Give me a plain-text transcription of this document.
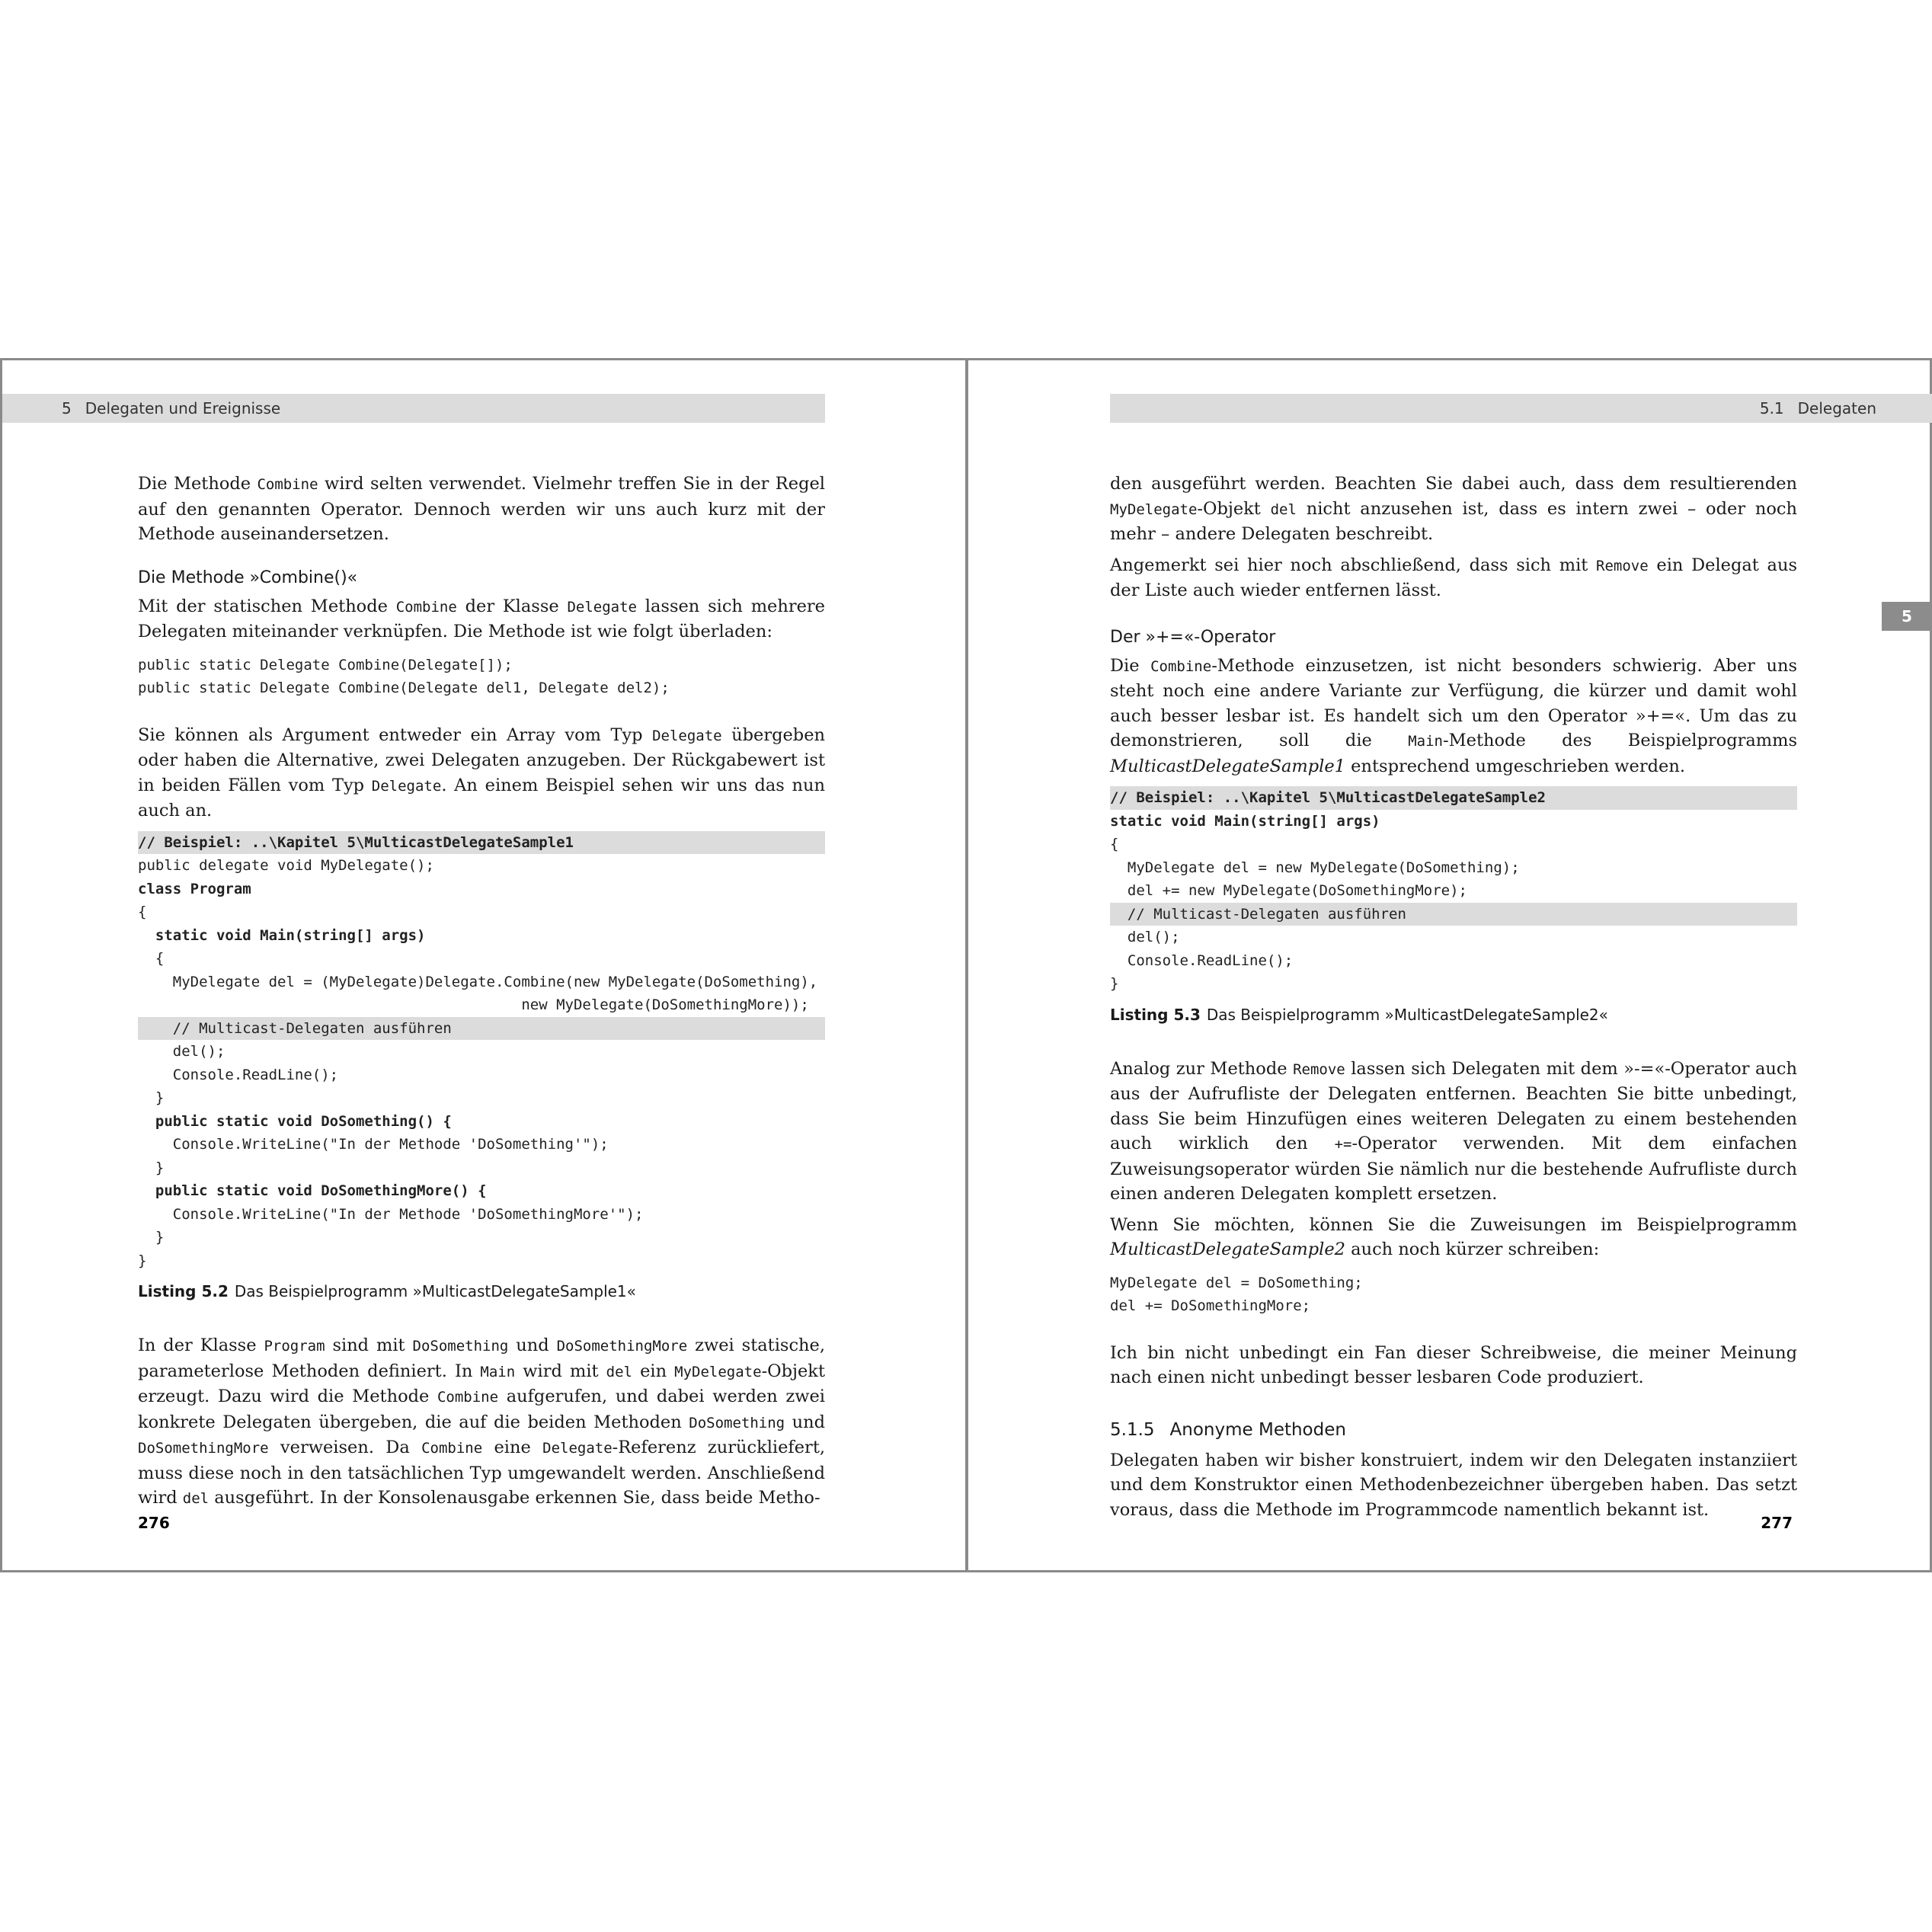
5 Delegaten und Ereignisse

Die Methode Combine wird selten verwendet. Vielmehr treffen Sie in der Regel auf den genannten Operator. Dennoch werden wir uns auch kurz mit der Methode auseinandersetzen.

Die Methode »Combine()«

Mit der statischen Methode Combine der Klasse Delegate lassen sich mehrere Delegaten miteinander verknüpfen. Die Methode ist wie folgt überladen:

public static Delegate Combine(Delegate[]);
public static Delegate Combine(Delegate del1, Delegate del2);

Sie können als Argument entweder ein Array vom Typ Delegate übergeben oder haben die Alternative, zwei Delegaten anzugeben. Der Rückgabewert ist in beiden Fällen vom Typ Delegate. An einem Beispiel sehen wir uns das nun auch an.

// Beispiel: ..\Kapitel 5\MulticastDelegateSample1
public delegate void MyDelegate();
class Program
{
static void Main(string[] args)
{
MyDelegate del = (MyDelegate)Delegate.Combine(new MyDelegate(DoSomething),
new MyDelegate(DoSomethingMore));
// Multicast-Delegaten ausführen
del();
Console.ReadLine();
}
public static void DoSomething() {
Console.WriteLine("In der Methode 'DoSomething'");
}
public static void DoSomethingMore() {
Console.WriteLine("In der Methode 'DoSomethingMore'");
}
}
Listing 5.2 Das Beispielprogramm »MulticastDelegateSample1«

In der Klasse Program sind mit DoSomething und DoSomethingMore zwei statische, parameterlose Methoden definiert. In Main wird mit del ein MyDelegate-Objekt erzeugt. Dazu wird die Methode Combine aufgerufen, und dabei werden zwei konkrete Delegaten übergeben, die auf die beiden Methoden DoSomething und DoSomethingMore verweisen. Da Combine eine Delegate-Referenz zurückliefert, muss diese noch in den tatsächlichen Typ umgewandelt werden. Anschließend wird del ausgeführt. In der Konsolenausgabe erkennen Sie, dass beide Metho-

276
5.1 Delegaten

den ausgeführt werden. Beachten Sie dabei auch, dass dem resultierenden MyDelegate-Objekt del nicht anzusehen ist, dass es intern zwei – oder noch mehr – andere Delegaten beschreibt.

Angemerkt sei hier noch abschließend, dass sich mit Remove ein Delegat aus der Liste auch wieder entfernen lässt.

Der »+=«-Operator

Die Combine-Methode einzusetzen, ist nicht besonders schwierig. Aber uns steht noch eine andere Variante zur Verfügung, die kürzer und damit wohl auch besser lesbar ist. Es handelt sich um den Operator »+=«. Um das zu demonstrieren, soll die Main-Methode des Beispielprogramms MulticastDelegateSample1 entsprechend umgeschrieben werden.

// Beispiel: ..\Kapitel 5\MulticastDelegateSample2
static void Main(string[] args)
{
MyDelegate del = new MyDelegate(DoSomething);
del += new MyDelegate(DoSomethingMore);
// Multicast-Delegaten ausführen
del();
Console.ReadLine();
}
Listing 5.3 Das Beispielprogramm »MulticastDelegateSample2«

Analog zur Methode Remove lassen sich Delegaten mit dem »-=«-Operator auch aus der Aufrufliste der Delegaten entfernen. Beachten Sie bitte unbedingt, dass Sie beim Hinzufügen eines weiteren Delegaten zu einem bestehenden auch wirklich den +=-Operator verwenden. Mit dem einfachen Zuweisungsoperator würden Sie nämlich nur die bestehende Aufrufliste durch einen anderen Delegaten komplett ersetzen.

Wenn Sie möchten, können Sie die Zuweisungen im Beispielprogramm MulticastDelegateSample2 auch noch kürzer schreiben:

MyDelegate del = DoSomething;
del += DoSomethingMore;

Ich bin nicht unbedingt ein Fan dieser Schreibweise, die meiner Meinung nach einen nicht unbedingt besser lesbaren Code produziert.

5.1.5 Anonyme Methoden

Delegaten haben wir bisher konstruiert, indem wir den Delegaten instanziiert und dem Konstruktor einen Methodenbezeichner übergeben haben. Das setzt voraus, dass die Methode im Programmcode namentlich bekannt ist.

277
5
